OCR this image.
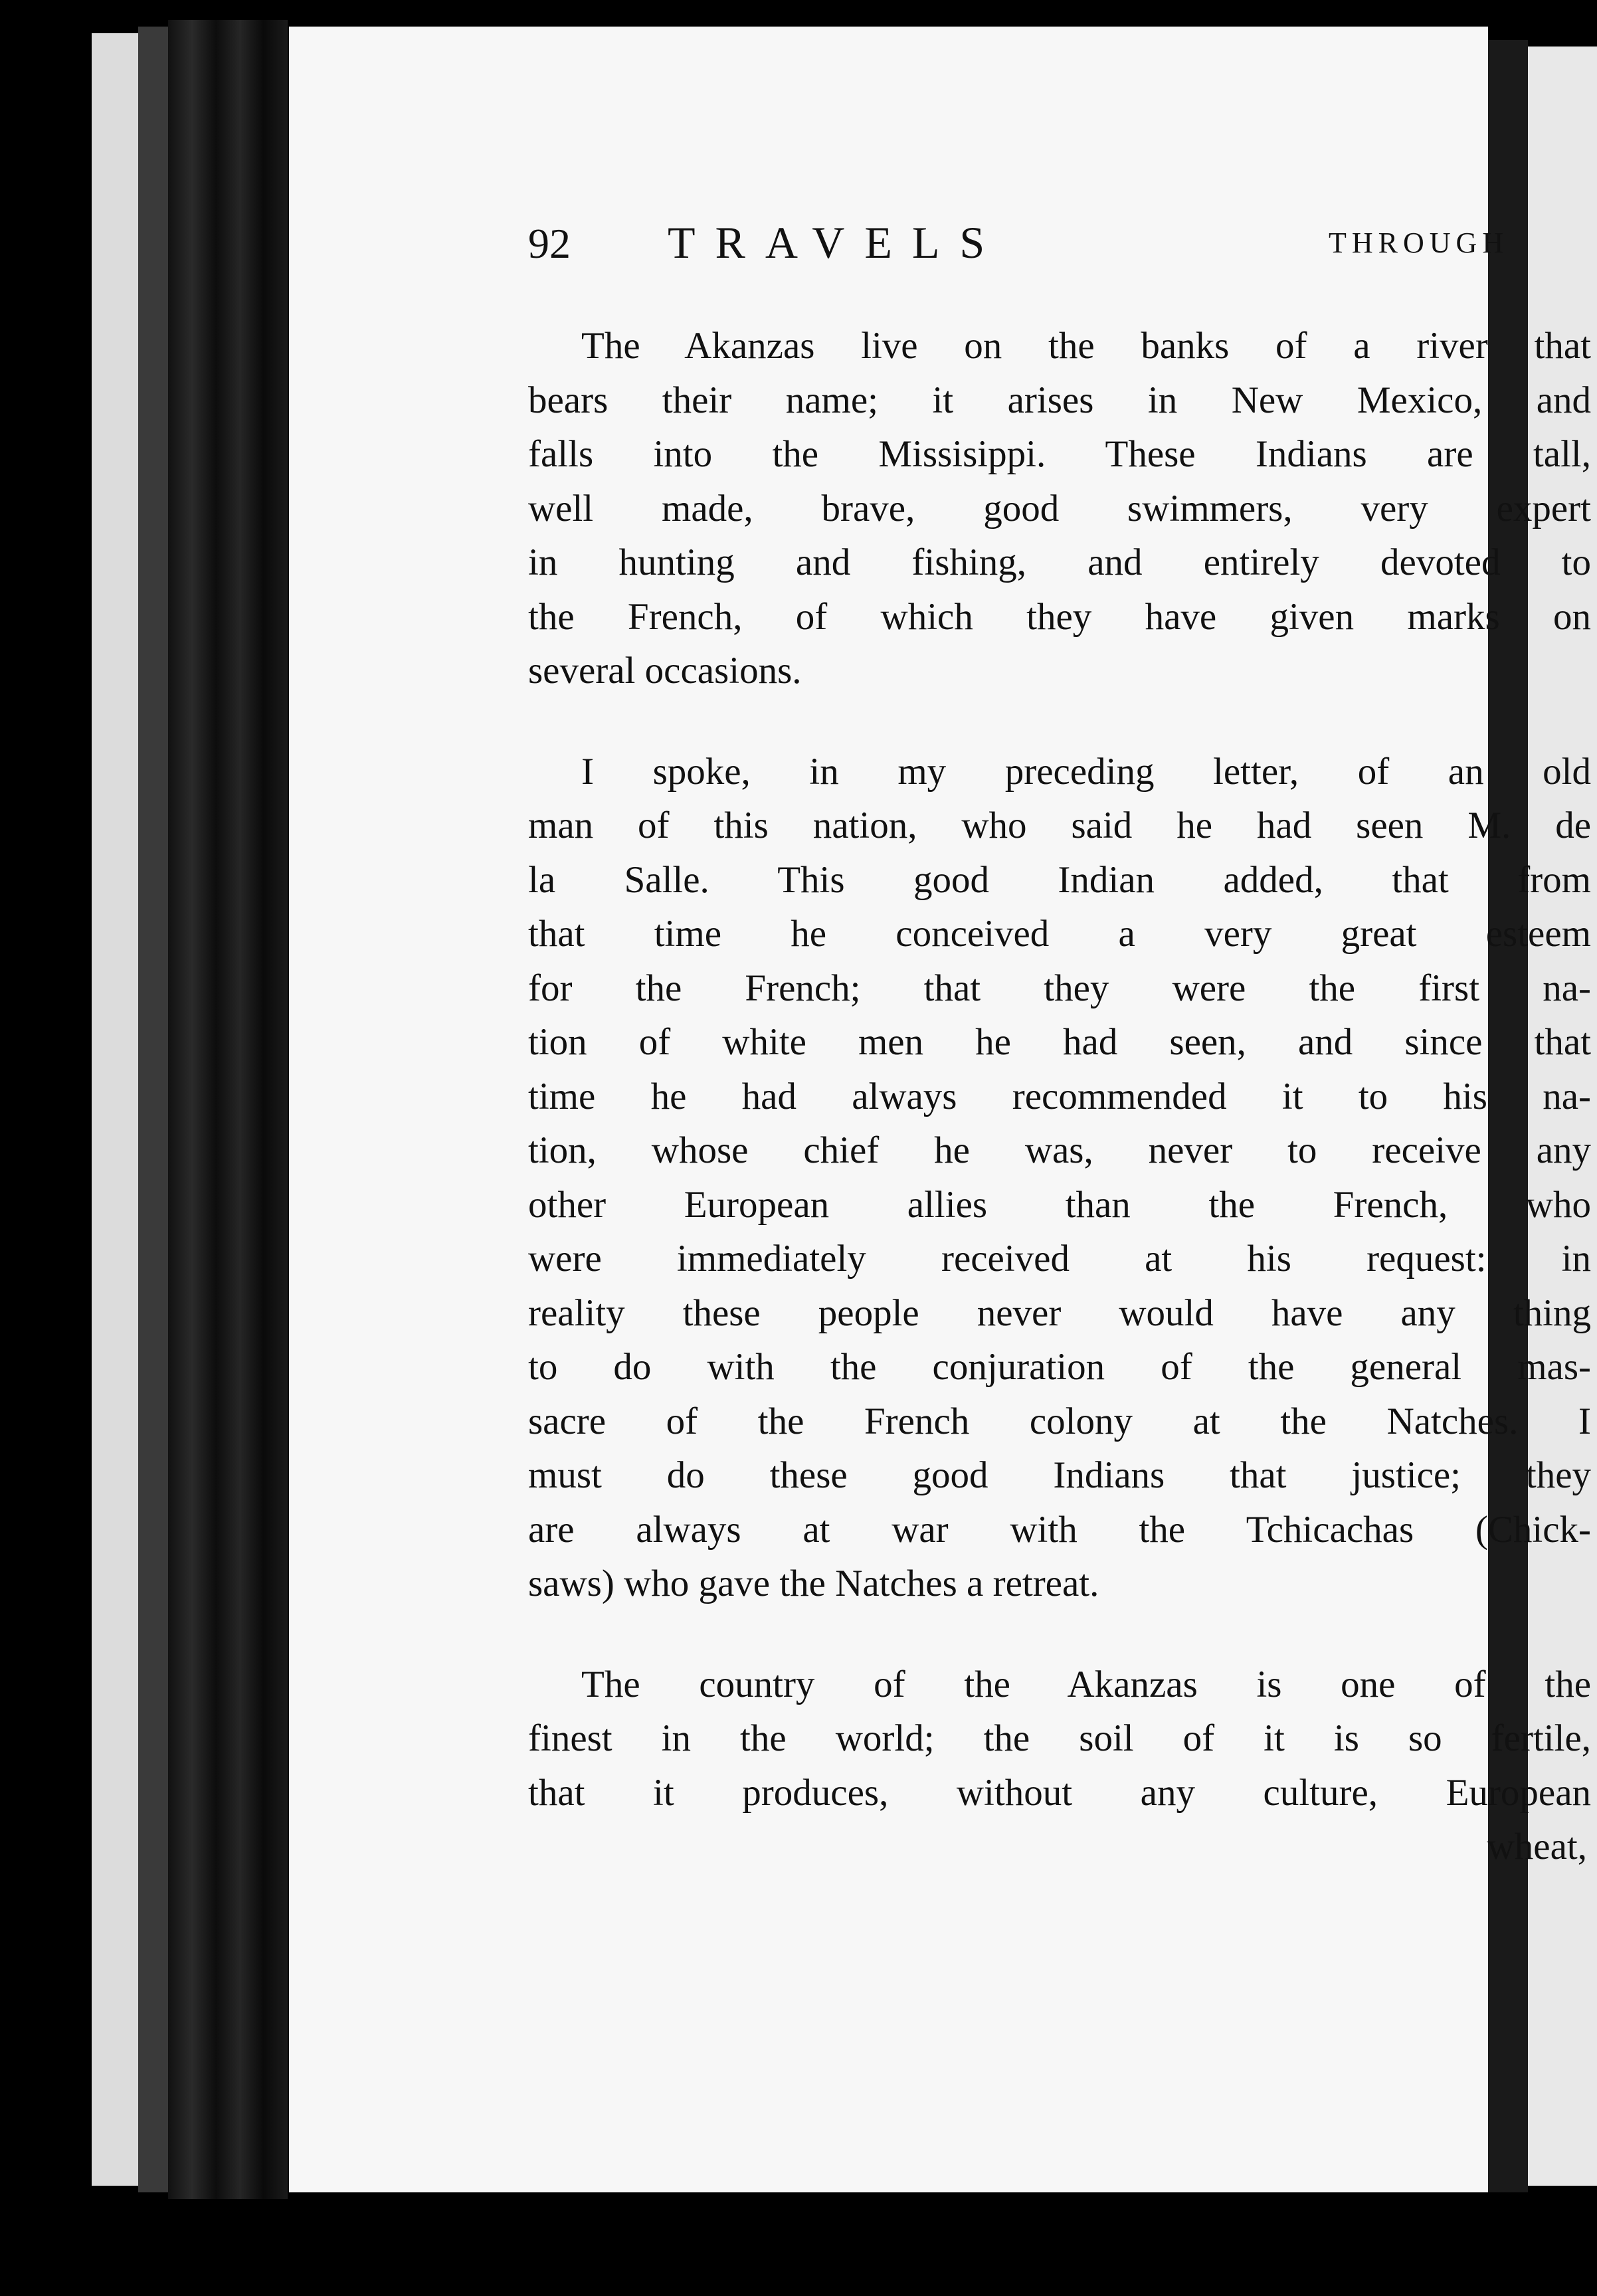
92 TRAVELS	THROUGH

The Akanzas live on the banks of a river that
bears their name; it arises in New Mexico, and
falls into the Missisippi. These Indians are tall,
well made, brave, good swimmers, very expert
in hunting and fishing, and entirely devoted to
the French, of which they have given marks on
several occasions.

I spoke, in my preceding letter, of an old
man of this nation, who said he had seen M. de
la Salle. This good Indian added, that from
that time he conceived a very great esteem
for the French; that they were the first na-
tion of white men he had seen, and since that
time he had always recommended it to his na-
tion, whose chief he was, never to receive any
other European allies than the French, who
were immediately received at his request: in
reality these people never would have any thing
to do with the conjuration of the general mas-
sacre of the French colony at the Natches. I
must do these good Indians that justice; they
are always at war with the Tchicachas (Chick-
saws) who gave the Natches a retreat.

The country of the Akanzas is one of the
finest in the world; the soil of it is so fertile,
that it produces, without any culture, European

wheat,
